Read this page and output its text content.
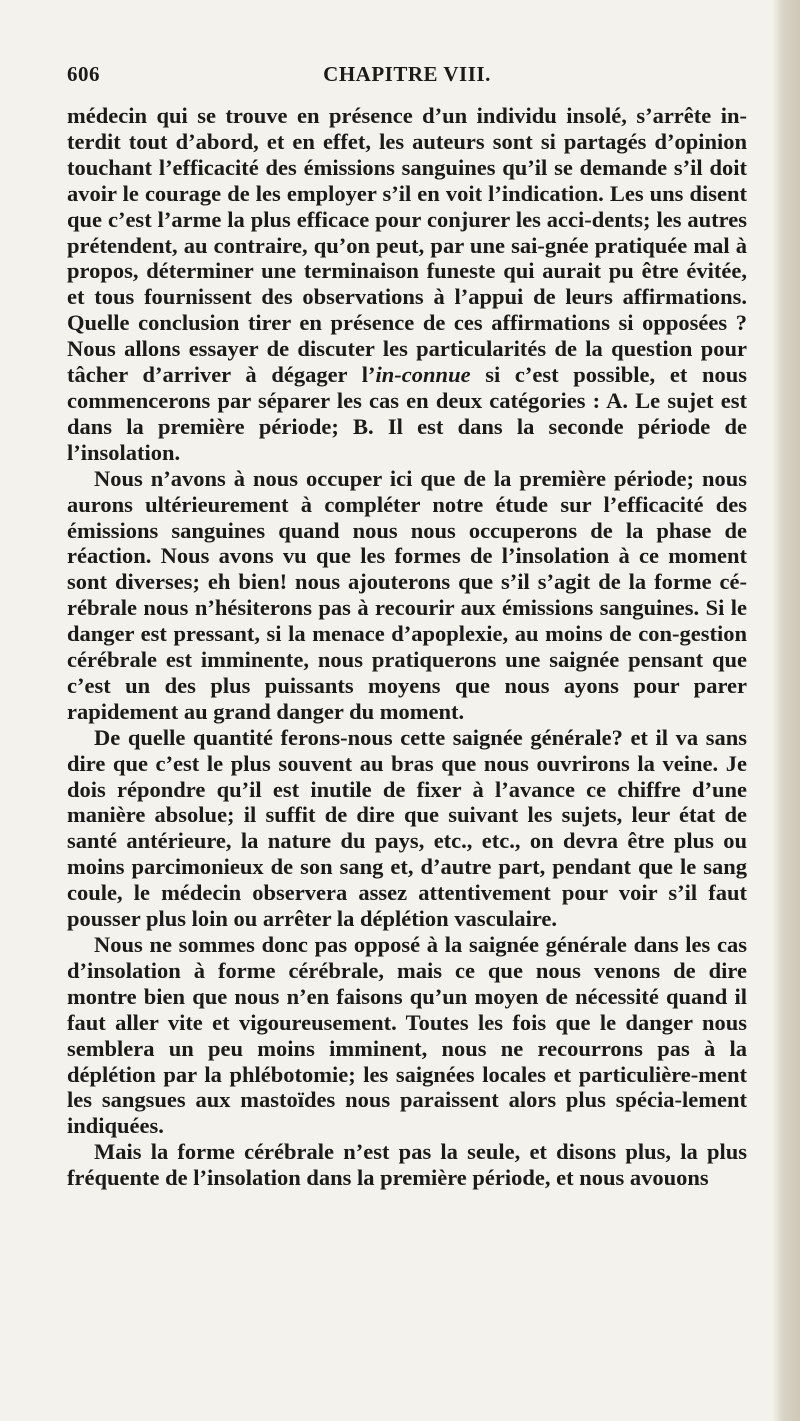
606	CHAPITRE VIII.

médecin qui se trouve en présence d’un individu insolé, s’arrête in-terdit tout d’abord, et en effet, les auteurs sont si partagés d’opinion touchant l’efficacité des émissions sanguines qu’il se demande s’il doit avoir le courage de les employer s’il en voit l’indication. Les uns disent que c’est l’arme la plus efficace pour conjurer les acci-dents; les autres prétendent, au contraire, qu’on peut, par une sai-gnée pratiquée mal à propos, déterminer une terminaison funeste qui aurait pu être évitée, et tous fournissent des observations à l’appui de leurs affirmations. Quelle conclusion tirer en présence de ces affirmations si opposées ? Nous allons essayer de discuter les particularités de la question pour tâcher d’arriver à dégager l’in-connue si c’est possible, et nous commencerons par séparer les cas en deux catégories : A. Le sujet est dans la première période; B. Il est dans la seconde période de l’insolation.

Nous n’avons à nous occuper ici que de la première période; nous aurons ultérieurement à compléter notre étude sur l’efficacité des émissions sanguines quand nous nous occuperons de la phase de réaction. Nous avons vu que les formes de l’insolation à ce moment sont diverses; eh bien! nous ajouterons que s’il s’agit de la forme cé-rébrale nous n’hésiterons pas à recourir aux émissions sanguines. Si le danger est pressant, si la menace d’apoplexie, au moins de con-gestion cérébrale est imminente, nous pratiquerons une saignée pensant que c’est un des plus puissants moyens que nous ayons pour parer rapidement au grand danger du moment.

De quelle quantité ferons-nous cette saignée générale? et il va sans dire que c’est le plus souvent au bras que nous ouvrirons la veine. Je dois répondre qu’il est inutile de fixer à l’avance ce chiffre d’une manière absolue; il suffit de dire que suivant les sujets, leur état de santé antérieure, la nature du pays, etc., etc., on devra être plus ou moins parcimonieux de son sang et, d’autre part, pendant que le sang coule, le médecin observera assez attentivement pour voir s’il faut pousser plus loin ou arrêter la déplétion vasculaire.

Nous ne sommes donc pas opposé à la saignée générale dans les cas d’insolation à forme cérébrale, mais ce que nous venons de dire montre bien que nous n’en faisons qu’un moyen de nécessité quand il faut aller vite et vigoureusement. Toutes les fois que le danger nous semblera un peu moins imminent, nous ne recourrons pas à la déplétion par la phlébotomie; les saignées locales et particulière-ment les sangsues aux mastoïdes nous paraissent alors plus spécia-lement indiquées.

Mais la forme cérébrale n’est pas la seule, et disons plus, la plus fréquente de l’insolation dans la première période, et nous avouons
